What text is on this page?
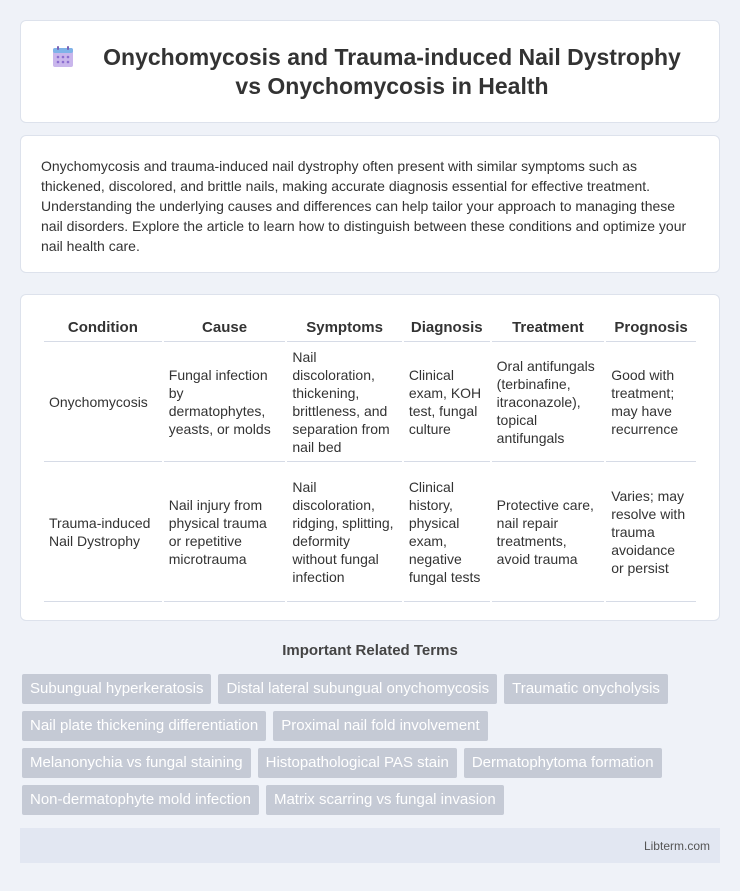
Onychomycosis and Trauma-induced Nail Dystrophy vs Onychomycosis in Health

Onychomycosis and trauma-induced nail dystrophy often present with similar symptoms such as thickened, discolored, and brittle nails, making accurate diagnosis essential for effective treatment. Understanding the underlying causes and differences can help tailor your approach to managing these nail disorders. Explore the article to learn how to distinguish between these conditions and optimize your nail health care.

Condition	Cause	Symptoms	Diagnosis	Treatment	Prognosis
Onychomycosis	Fungal infection by dermatophytes, yeasts, or molds	Nail discoloration, thickening, brittleness, and separation from nail bed	Clinical exam, KOH test, fungal culture	Oral antifungals (terbinafine, itraconazole), topical antifungals	Good with treatment; may have recurrence
Trauma-induced Nail Dystrophy	Nail injury from physical trauma or repetitive microtrauma	Nail discoloration, ridging, splitting, deformity without fungal infection	Clinical history, physical exam, negative fungal tests	Protective care, nail repair treatments, avoid trauma	Varies; may resolve with trauma avoidance or persist
Important Related Terms
Subungual hyperkeratosis	Distal lateral subungual onychomycosis	Traumatic onycholysis
Nail plate thickening differentiation	Proximal nail fold involvement
Melanonychia vs fungal staining	Histopathological PAS stain	Dermatophytoma formation
Non-dermatophyte mold infection	Matrix scarring vs fungal invasion
Libterm.com
